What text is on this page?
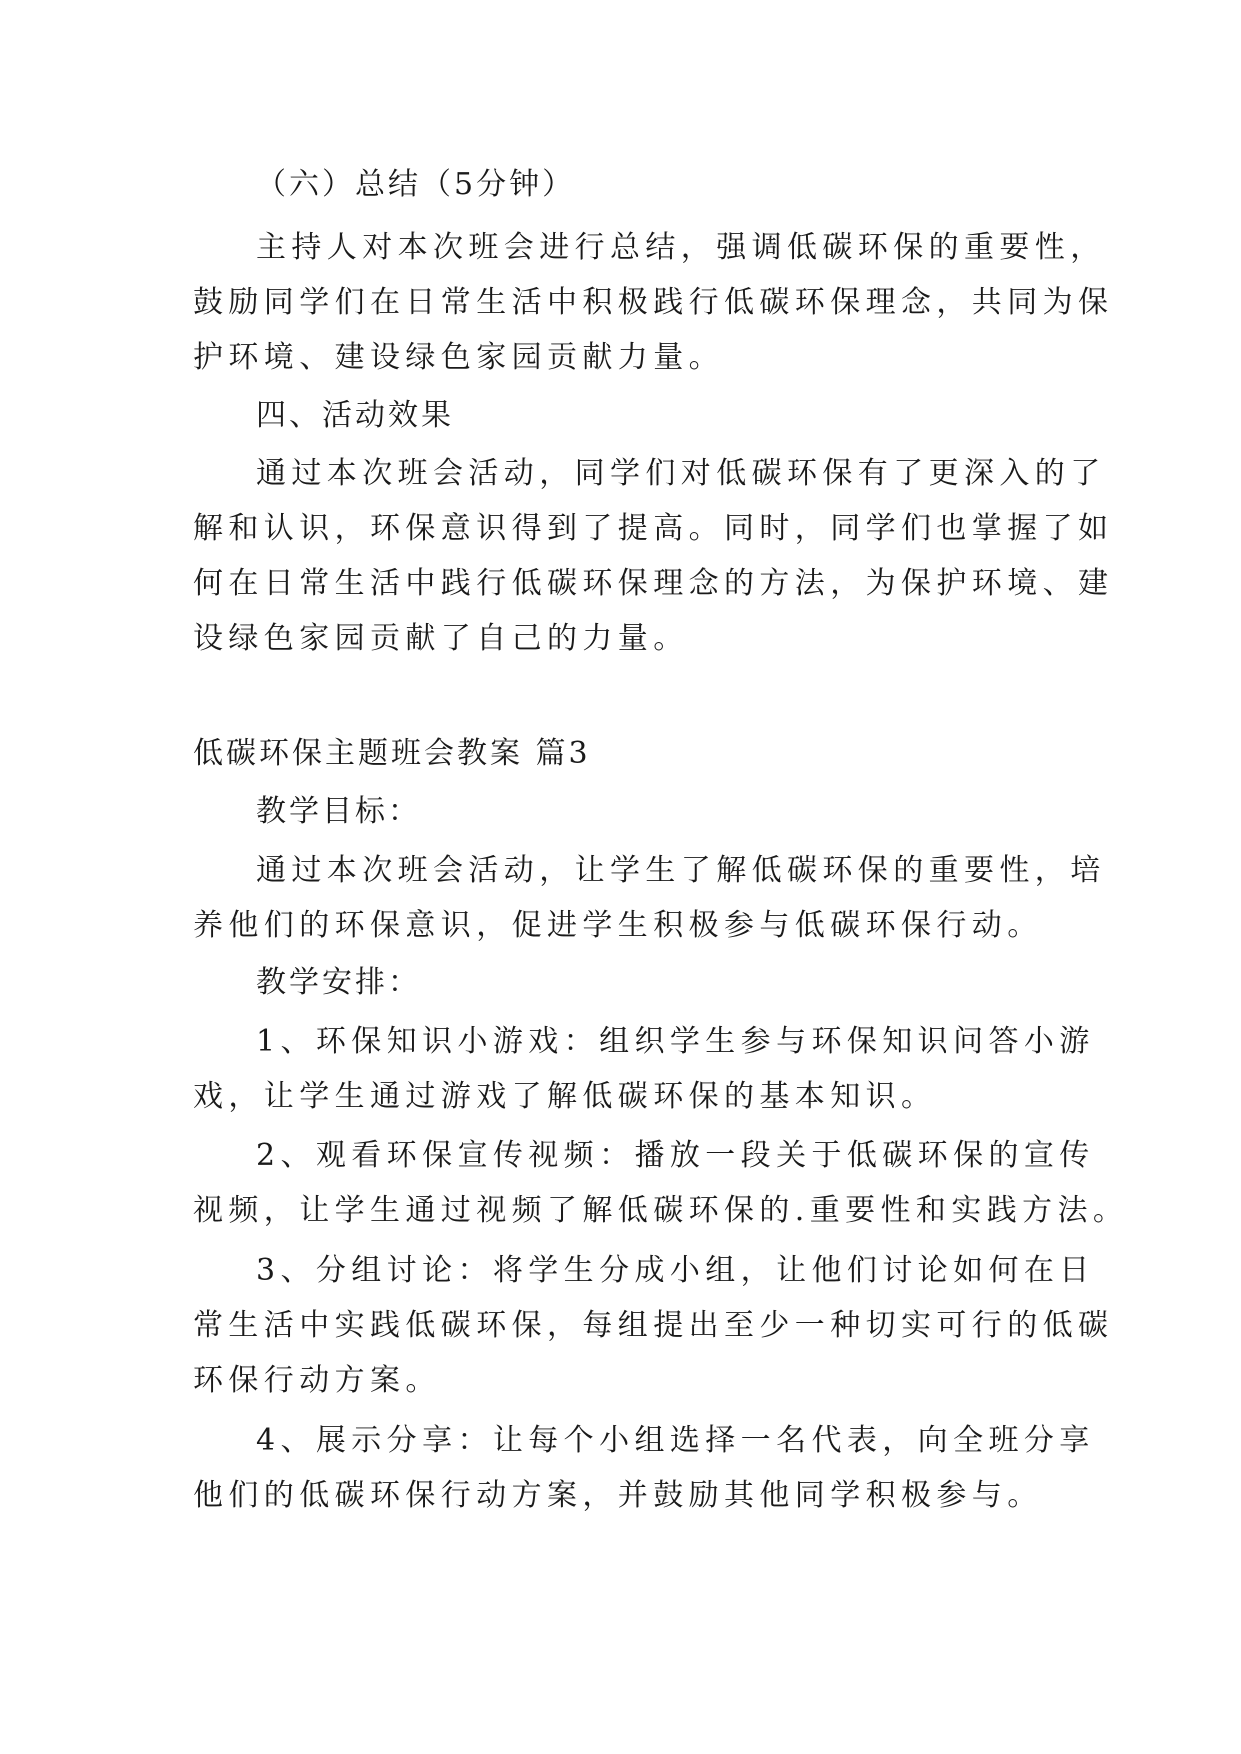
（六）总结（5分钟）
主持人对本次班会进行总结，强调低碳环保的重要性，
鼓励同学们在日常生活中积极践行低碳环保理念，共同为保
护环境、建设绿色家园贡献力量。
四、活动效果
通过本次班会活动，同学们对低碳环保有了更深入的了
解和认识，环保意识得到了提高。同时，同学们也掌握了如
何在日常生活中践行低碳环保理念的方法，为保护环境、建
设绿色家园贡献了自己的力量。
低碳环保主题班会教案 篇3
教学目标：
通过本次班会活动，让学生了解低碳环保的重要性，培
养他们的环保意识，促进学生积极参与低碳环保行动。
教学安排：
1、环保知识小游戏：组织学生参与环保知识问答小游
戏，让学生通过游戏了解低碳环保的基本知识。
2、观看环保宣传视频：播放一段关于低碳环保的宣传
视频，让学生通过视频了解低碳环保的.重要性和实践方法。
3、分组讨论：将学生分成小组，让他们讨论如何在日
常生活中实践低碳环保，每组提出至少一种切实可行的低碳
环保行动方案。
4、展示分享：让每个小组选择一名代表，向全班分享
他们的低碳环保行动方案，并鼓励其他同学积极参与。
